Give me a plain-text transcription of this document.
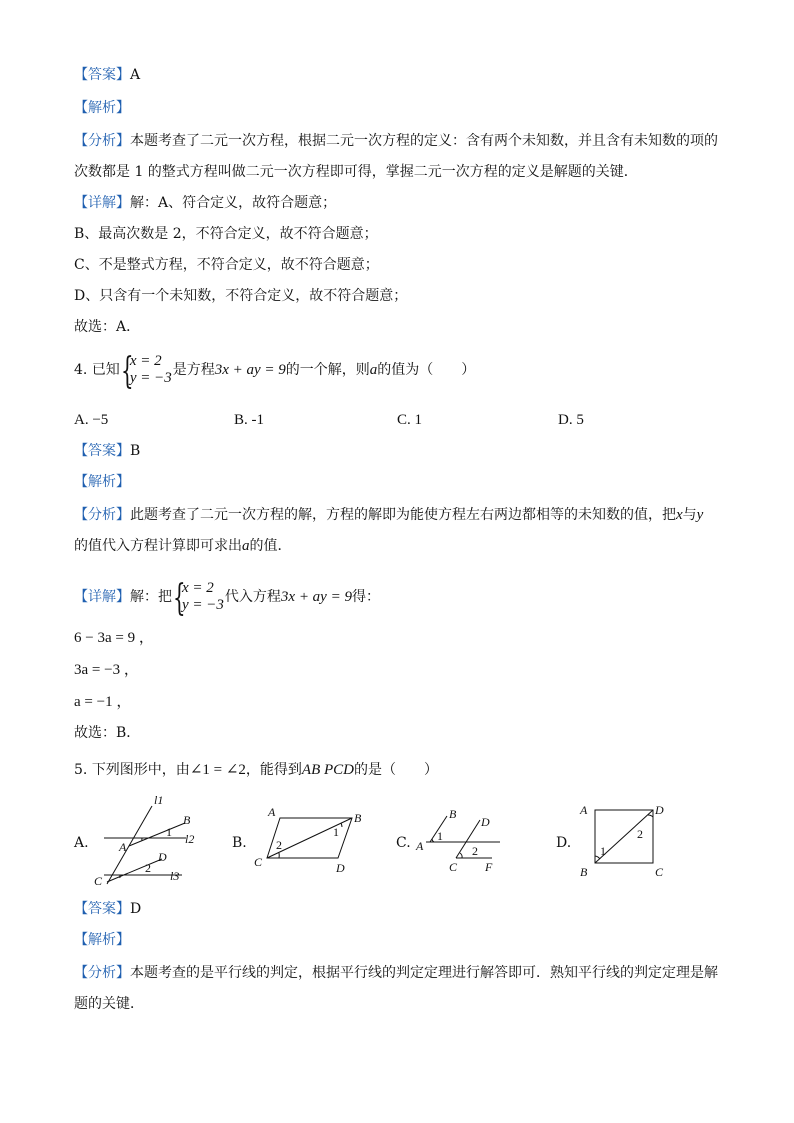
【答案】A
【解析】
【分析】本题考查了二元一次方程，根据二元一次方程的定义：含有两个未知数，并且含有未知数的项的
次数都是 1 的整式方程叫做二元一次方程即可得，掌握二元一次方程的定义是解题的关键．
【详解】解：A、符合定义，故符合题意；
B、最高次数是 2，不符合定义，故不符合题意；
C、不是整式方程，不符合定义，故不符合题意；
D、只含有一个未知数，不符合定义，故不符合题意；
故选：A．
4. 已知 {
x = 2
y = −3 是方程3x + ay = 9的一个解，则a的值为（　　）
A. −5	B. -1	C. 1	D. 5
【答案】B
【解析】
【分析】此题考查了二元一次方程的解，方程的解即为能使方程左右两边都相等的未知数的值，把x与y
的值代入方程计算即可求出a的值．
【详解】解：把 {
x = 2
y = −3 代入方程3x + ay = 9得：
6 − 3a = 9 ，
3a = −3 ，
a = −1 ，
故选：B．
5. 下列图形中，由∠1 = ∠2，能得到AB PCD的是（　　）
A.
l1
B
1 l2
A
D
2
C	l3
B.
A	B
1
2
C	D
C.
B
D
A
1
2
C F
D.
A	D
2
1
B	C
【答案】D
【解析】
【分析】本题考查的是平行线的判定，根据平行线的判定定理进行解答即可．熟知平行线的判定定理是解
题的关键．
